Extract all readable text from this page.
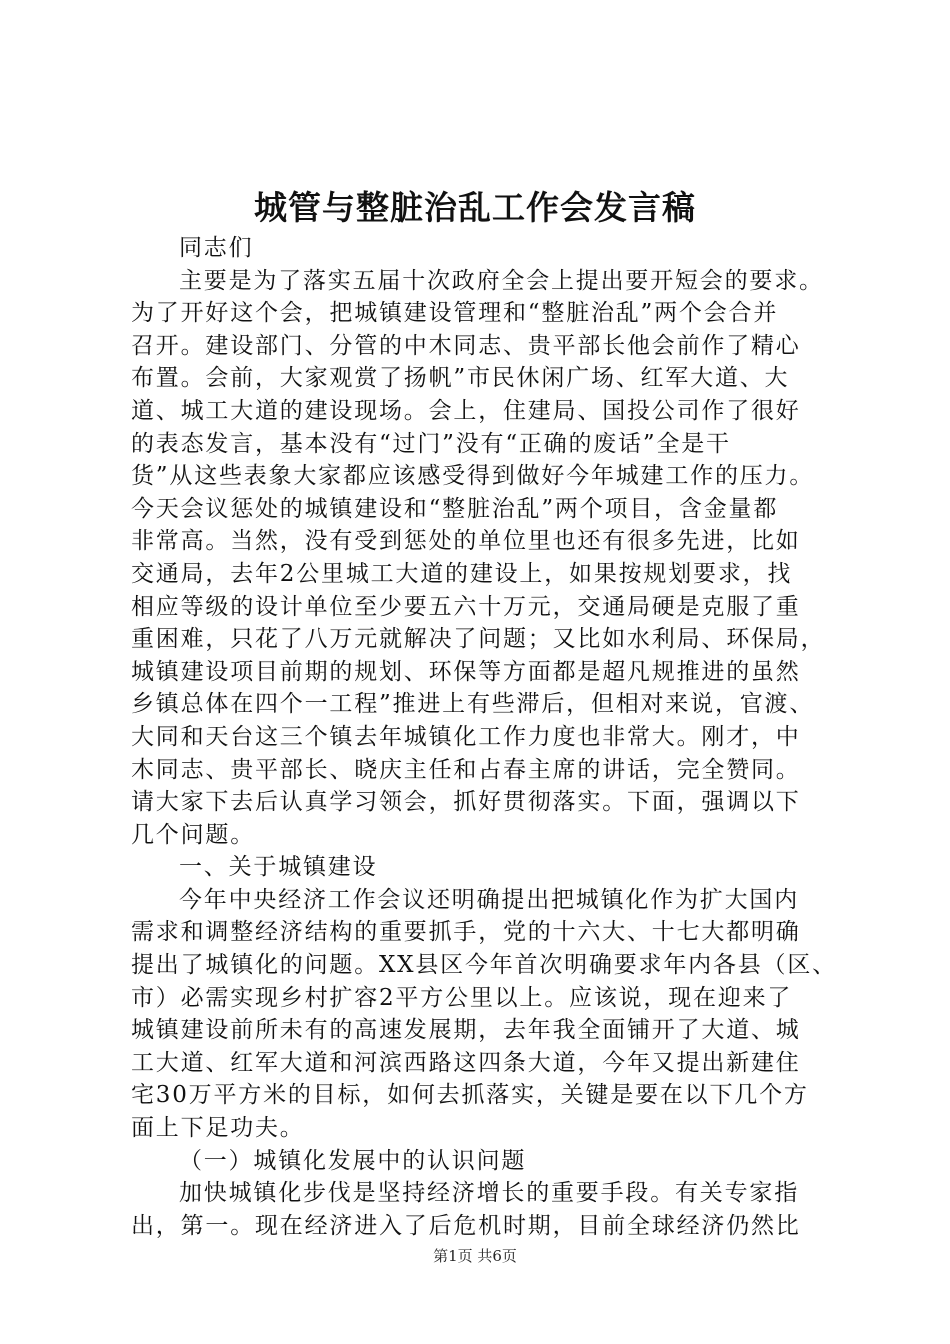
城管与整脏治乱工作会发言稿
同志们
主要是为了落实五届十次政府全会上提出要开短会的要求。
为了开好这个会，把城镇建设管理和“整脏治乱”两个会合并
召开。建设部门、分管的中木同志、贵平部长他会前作了精心
布置。会前，大家观赏了扬帆”市民休闲广场、红军大道、大
道、城工大道的建设现场。会上，住建局、国投公司作了很好
的表态发言，基本没有“过门”没有“正确的废话”全是干
货”从这些表象大家都应该感受得到做好今年城建工作的压力。
今天会议惩处的城镇建设和“整脏治乱”两个项目，含金量都
非常高。当然，没有受到惩处的单位里也还有很多先进，比如
交通局，去年2公里城工大道的建设上，如果按规划要求，找
相应等级的设计单位至少要五六十万元，交通局硬是克服了重
重困难，只花了八万元就解决了问题；又比如水利局、环保局，
城镇建设项目前期的规划、环保等方面都是超凡规推进的虽然
乡镇总体在四个一工程”推进上有些滞后，但相对来说，官渡、
大同和天台这三个镇去年城镇化工作力度也非常大。刚才，中
木同志、贵平部长、晓庆主任和占春主席的讲话，完全赞同。
请大家下去后认真学习领会，抓好贯彻落实。下面，强调以下
几个问题。
一、关于城镇建设
今年中央经济工作会议还明确提出把城镇化作为扩大国内
需求和调整经济结构的重要抓手，党的十六大、十七大都明确
提出了城镇化的问题。XX县区今年首次明确要求年内各县（区、
市）必需实现乡村扩容2平方公里以上。应该说，现在迎来了
城镇建设前所未有的高速发展期，去年我全面铺开了大道、城
工大道、红军大道和河滨西路这四条大道，今年又提出新建住
宅30万平方米的目标，如何去抓落实，关键是要在以下几个方
面上下足功夫。
（一）城镇化发展中的认识问题
加快城镇化步伐是坚持经济增长的重要手段。有关专家指
出，第一。现在经济进入了后危机时期，目前全球经济仍然比
第1页 共6页
